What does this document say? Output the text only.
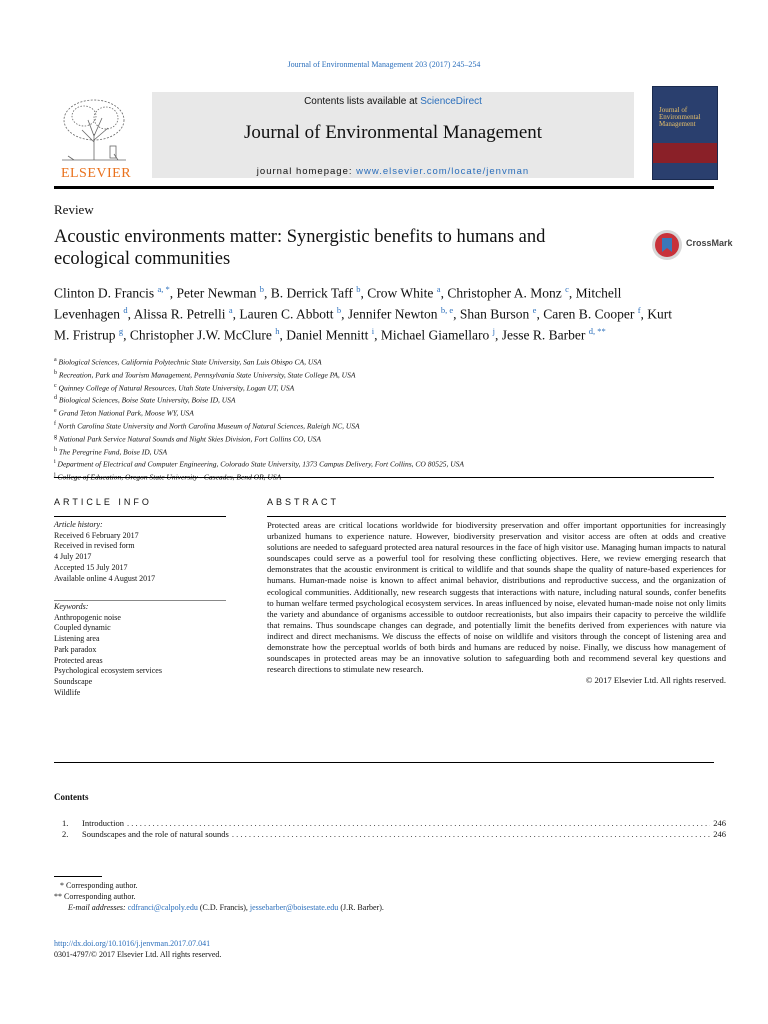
Journal of Environmental Management 203 (2017) 245–254
ELSEVIER
Contents lists available at ScienceDirect
Journal of Environmental Management
journal homepage: www.elsevier.com/locate/jenvman
Journal of Environmental Management
Review
Acoustic environments matter: Synergistic benefits to humans and ecological communities
CrossMark
Clinton D. Francis $^{a, *}$, Peter Newman $^b$, B. Derrick Taff $^b$, Crow White $^a$, Christopher A. Monz $^c$, Mitchell Levenhagen $^d$, Alissa R. Petrelli $^a$, Lauren C. Abbott $^b$, Jennifer Newton $^{b, e}$, Shan Burson $^e$, Caren B. Cooper $^f$, Kurt M. Fristrup $^g$, Christopher J.W. McClure $^h$, Daniel Mennitt $^i$, Michael Giamellaro $^j$, Jesse R. Barber $^{d, **}$
$^a$ Biological Sciences, California Polytechnic State University, San Luis Obispo CA, USA
$^b$ Recreation, Park and Tourism Management, Pennsylvania State University, State College PA, USA
$^c$ Quinney College of Natural Resources, Utah State University, Logan UT, USA
$^d$ Biological Sciences, Boise State University, Boise ID, USA
$^e$ Grand Teton National Park, Moose WY, USA
$^f$ North Carolina State University and North Carolina Museum of Natural Sciences, Raleigh NC, USA
$^g$ National Park Service Natural Sounds and Night Skies Division, Fort Collins CO, USA
$^h$ The Peregrine Fund, Boise ID, USA
$^i$ Department of Electrical and Computer Engineering, Colorado State University, 1373 Campus Delivery, Fort Collins, CO 80525, USA
$^j$
ARTICLE INFO	ABSTRACT
Article history:
Received 6 February 2017
Received in revised form
4 July 2017
Accepted 15 July 2017
Available online 4 August 2017
Keywords:
Anthropogenic noise
Coupled dynamic
Listening area
Park paradox
Protected areas
Psychological ecosystem services
Soundscape
Wildlife
Protected areas are critical locations worldwide for biodiversity preservation and offer important opportunities for increasingly urbanized humans to experience nature. However, biodiversity preservation and visitor access are often at odds and creative solutions are needed to safeguard protected area natural resources in the face of high visitor use. Managing human impacts to natural soundscapes could serve as a powerful tool for resolving these conflicting objectives. Here, we review emerging research that demonstrates that the acoustic environment is critical to wildlife and that sounds shape the quality of nature-based experiences for humans. Human-made noise is known to affect animal behavior, distributions and reproductive success, and the organization of ecological communities. Additionally, new research suggests that interactions with nature, including natural sounds, confer benefits to human welfare termed psychological ecosystem services. In areas influenced by noise, elevated human-made noise not only limits the variety and abundance of organisms accessible to outdoor recreationists, but also impairs their capacity to perceive the wildlife that remains. Thus soundscape changes can degrade, and potentially limit the benefits derived from experiences with nature via indirect and direct mechanisms. We discuss the effects of noise on wildlife and visitors through the concept of listening area and demonstrate how the perceptual worlds of both birds and humans are reduced by noise. Finally, we discuss how management of soundscapes in protected areas may be an innovative solution to safeguarding both and recommend several key questions and research directions to stimulate new research.
© 2017 Elsevier Ltd. All rights reserved.
Contents
1.	Introduction . . .	246
2.	Soundscapes and the role of natural sounds . . .	246
* Corresponding author.
** Corresponding author.
E-mail addresses: cdfranci@calpoly.edu (C.D. Francis), jessebarber@boisestate.edu (J.R. Barber).
http://dx.doi.org/10.1016/j.jenvman.2017.07.041
0301-4797/© 2017 Elsevier Ltd. All rights reserved.
